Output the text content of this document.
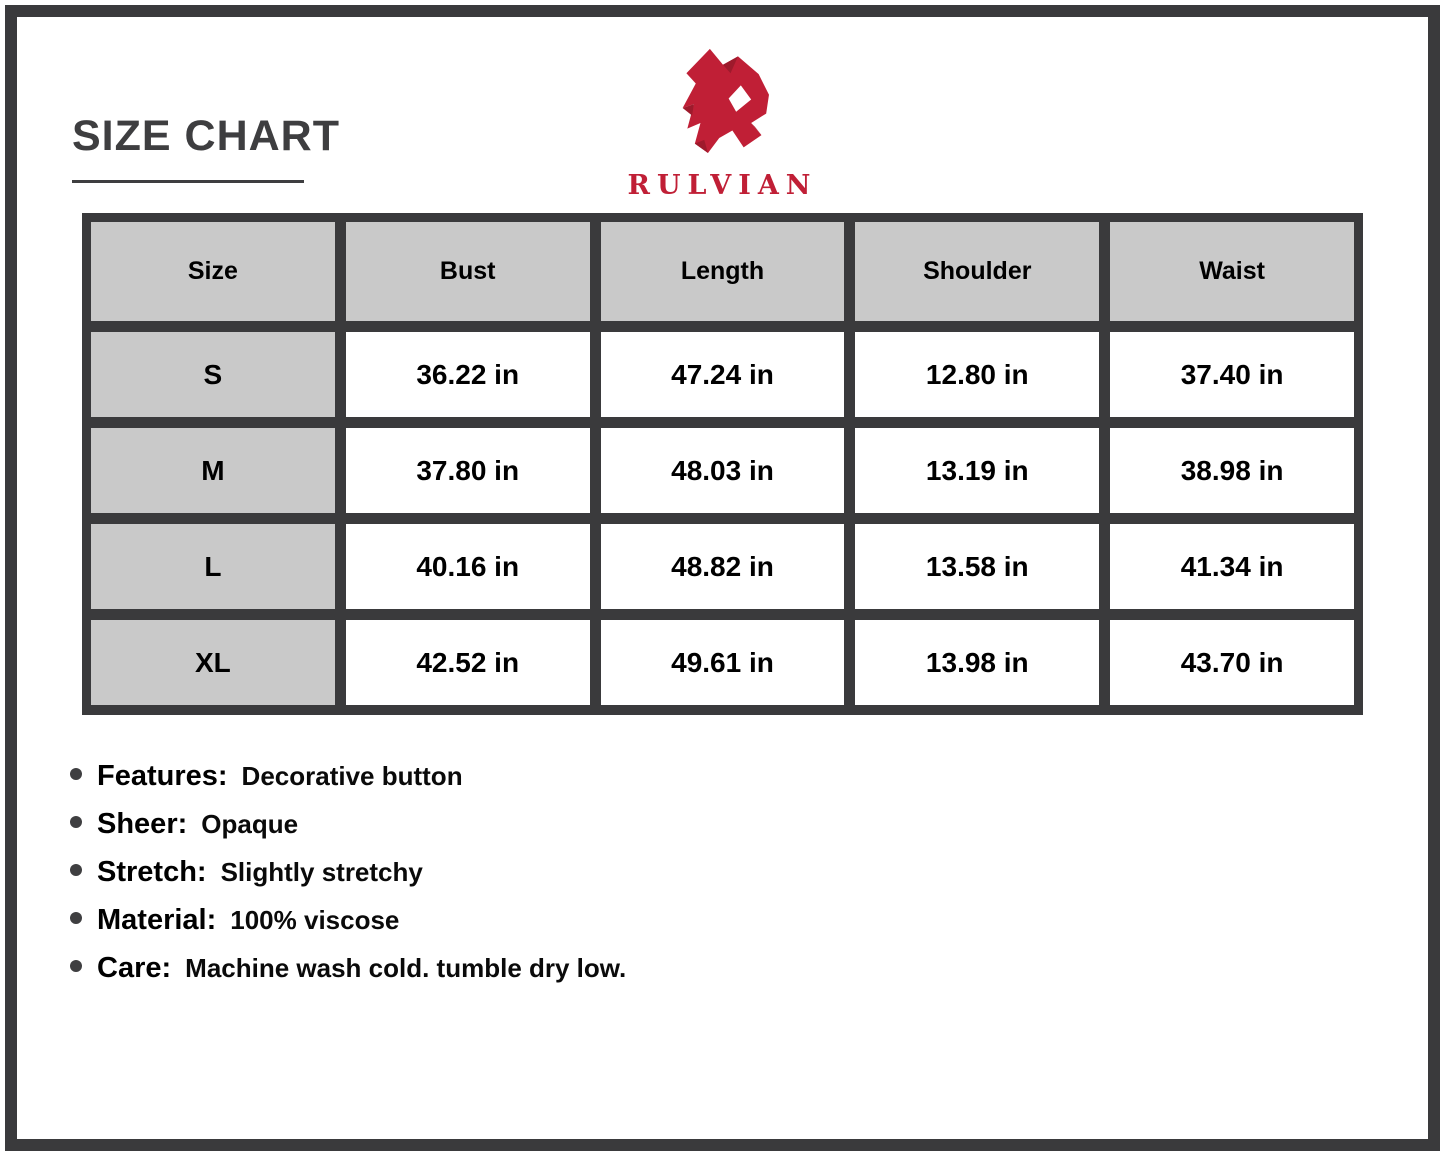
SIZE CHART
RULVIAN
Size	Bust	Length	Shoulder	Waist
S	36.22 in	47.24 in	12.80 in	37.40 in
M	37.80 in	48.03 in	13.19 in	38.98 in
L	40.16 in	48.82 in	13.58 in	41.34 in
XL	42.52 in	49.61 in	13.98 in	43.70 in
Features: Decorative button
Sheer: Opaque
Stretch: Slightly stretchy
Material: 100% viscose
Care: Machine wash cold. tumble dry low.
